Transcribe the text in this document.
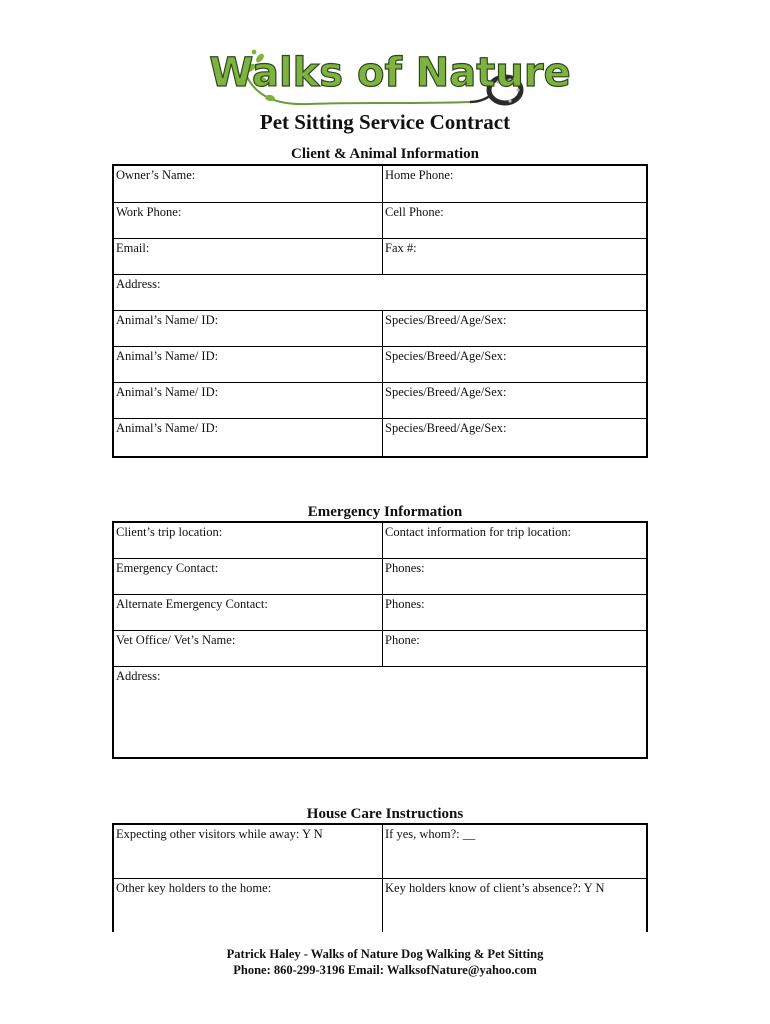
Walks of Nature
Pet Sitting Service Contract
Client & Animal Information
Owner’s Name:	Home Phone:
Work Phone:	Cell Phone:
Email:	Fax #:
Address:	
Animal’s Name/ ID:	Species/Breed/Age/Sex:
Animal’s Name/ ID:	Species/Breed/Age/Sex:
Animal’s Name/ ID:	Species/Breed/Age/Sex:
Animal’s Name/ ID:	Species/Breed/Age/Sex:
Emergency Information
Client’s trip location:	Contact information for trip location:
Emergency Contact:	Phones:
Alternate Emergency Contact:	Phones:
Vet Office/ Vet’s Name:	Phone:
Address:	
House Care Instructions
Expecting other visitors while away: Y N	If yes, whom?: __
Other key holders to the home:	Key holders know of client’s absence?: Y N
Patrick Haley - Walks of Nature Dog Walking & Pet Sitting
Phone: 860-299-3196 Email: WalksofNature@yahoo.com
